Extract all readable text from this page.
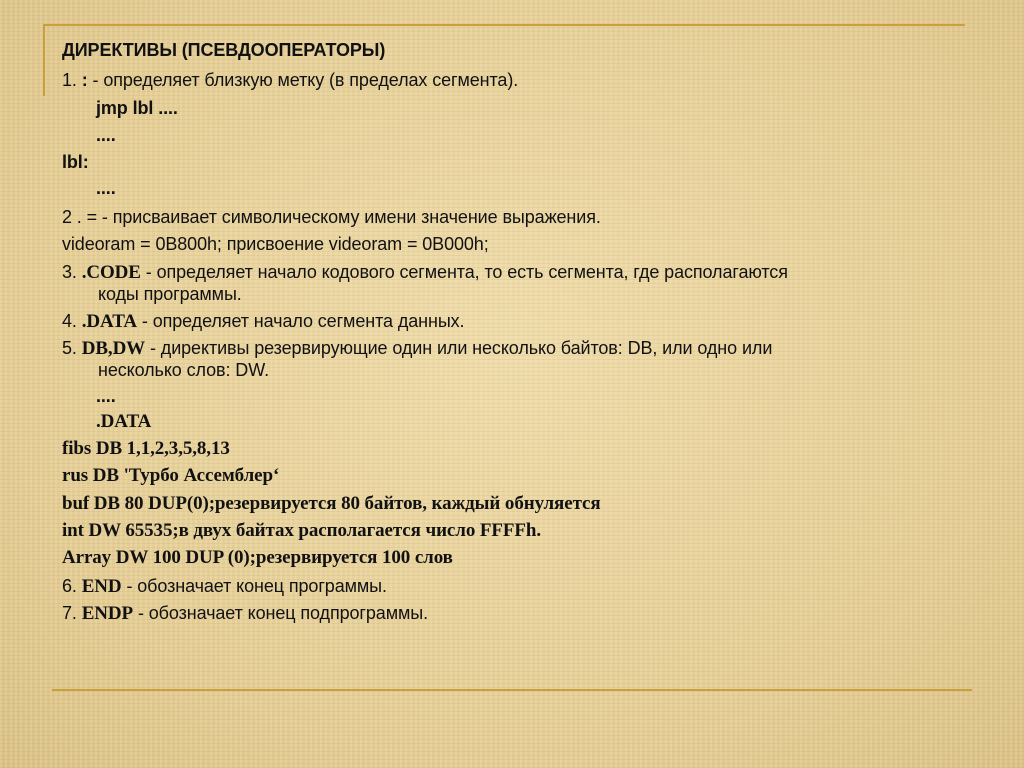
ДИРЕКТИВЫ (ПСЕВДООПЕРАТОРЫ)
1. : - определяет близкую метку (в пределах сегмента).
jmp lbl ....
....
lbl:
....
2 . = - присваивает символическому имени значение выражения.
videoram = 0B800h; присвоение videoram = 0B000h;
3. .CODE - определяет начало кодового сегмента, то есть сегмента, где располагаются
коды программы.
4. .DATA - определяет начало сегмента данных.
5. DB,DW - директивы резервирующие один или несколько байтов: DB, или одно или
несколько слов: DW.
....
.DATA
fibs DB 1,1,2,3,5,8,13
rus DB 'Турбо Ассемблер‘
buf DB 80 DUP(0);резервируется 80 байтов, каждый обнуляется
int DW 65535;в двух байтах располагается число FFFFh.
Array DW 100 DUP (0);резервируется 100 слов
6. END - обозначает конец программы.
7. ENDP - обозначает конец подпрограммы.
